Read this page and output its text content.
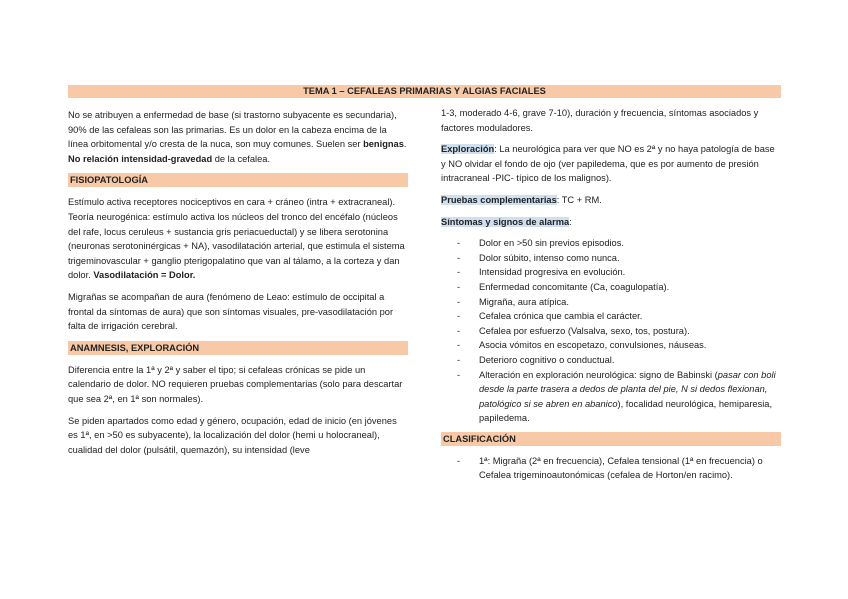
TEMA 1 – CEFALEAS PRIMARIAS Y ALGIAS FACIALES

No se atribuyen a enfermedad de base (si trastorno subyacente es secundaria), 90% de las cefaleas son las primarias. Es un dolor en la cabeza encima de la línea orbitomental y/o cresta de la nuca, son muy comunes. Suelen ser benignas. No relación intensidad-gravedad de la cefalea.

FISIOPATOLOGÍA

Estímulo activa receptores nociceptivos en cara + cráneo (intra + extracraneal). Teoría neurogénica: estímulo activa los núcleos del tronco del encéfalo (núcleos del rafe, locus ceruleus + sustancia gris periacueductal) y se libera serotonina (neuronas serotoninérgicas + NA), vasodilatación arterial, que estimula el sistema trigeminovascular + ganglio pterigopalatino que van al tálamo, a la corteza y dan dolor. Vasodilatación = Dolor.

Migrañas se acompañan de aura (fenómeno de Leao: estímulo de occipital a frontal da síntomas de aura) que son síntomas visuales, pre-vasodilatación por falta de irrigación cerebral.

ANAMNESIS, EXPLORACIÓN

Diferencia entre la 1ª y 2ª y saber el tipo; si cefaleas crónicas se pide un calendario de dolor. NO requieren pruebas complementarias (solo para descartar que sea 2ª, en 1ª son normales).

Se piden apartados como edad y género, ocupación, edad de inicio (en jóvenes es 1ª, en >50 es subyacente), la localización del dolor (hemi u holocraneal), cualidad del dolor (pulsátil, quemazón), su intensidad (leve

1-3, moderado 4-6, grave 7-10), duración y frecuencia, síntomas asociados y factores moduladores.

Exploración: La neurológica para ver que NO es 2ª y no haya patología de base y NO olvidar el fondo de ojo (ver papiledema, que es por aumento de presión intracraneal -PIC- típico de los malignos).

Pruebas complementarias: TC + RM.

Síntomas y signos de alarma:

- Dolor en >50 sin previos episodios.
- Dolor súbito, intenso como nunca.
- Intensidad progresiva en evolución.
- Enfermedad concomitante (Ca, coagulopatía).
- Migraña, aura atípica.
- Cefalea crónica que cambia el carácter.
- Cefalea por esfuerzo (Valsalva, sexo, tos, postura).
- Asocia vómitos en escopetazo, convulsiones, náuseas.
- Deterioro cognitivo o conductual.
- Alteración en exploración neurológica: signo de Babinski (pasar con boli desde la parte trasera a dedos de planta del pie, N si dedos flexionan, patológico si se abren en abanico), focalidad neurológica, hemiparesia, papiledema.
CLASIFICACIÓN
- 1ª: Migraña (2ª en frecuencia), Cefalea tensional (1ª en frecuencia) o Cefalea trigeminoautonómicas (cefalea de Horton/en racimo).
